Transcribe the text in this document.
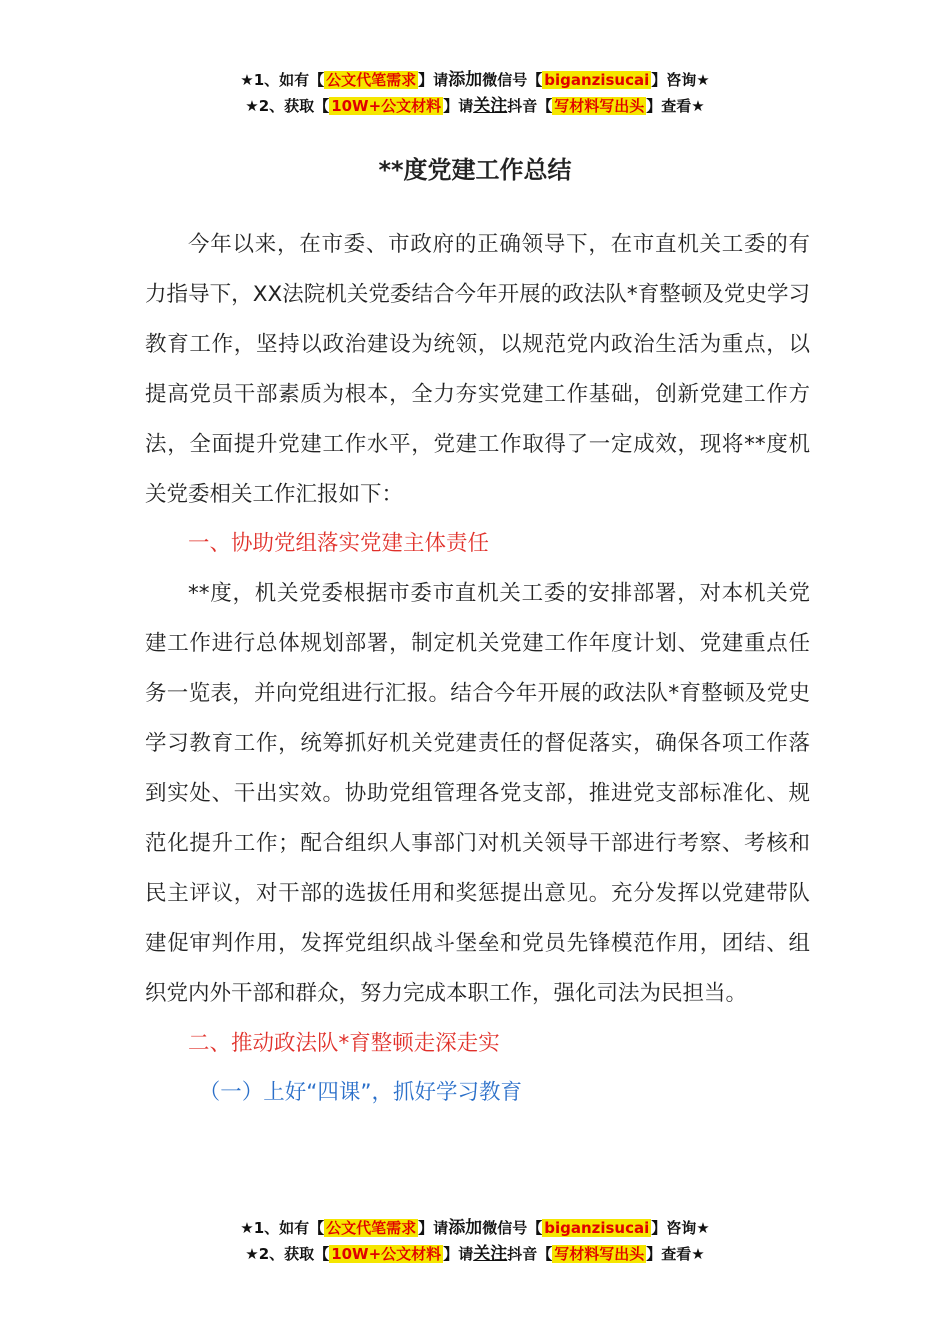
★1、如有【 公文代笔需求 】请添加微信号【 biganzisucai 】咨询★
★2、获取【 10W+公文材料 】请关注抖音【 写材料写出头 】查看★
**度党建工作总结

今年以来，在市委、市政府的正确领导下，在市直机关工委的有力指导下，XX法院机关党委结合今年开展的政法队*育整顿及党史学习教育工作，坚持以政治建设为统领，以规范党内政治生活为重点，以提高党员干部素质为根本，全力夯实党建工作基础，创新党建工作方法，全面提升党建工作水平，党建工作取得了一定成效，现将**度机关党委相关工作汇报如下：

一、协助党组落实党建主体责任

**度，机关党委根据市委市直机关工委的安排部署，对本机关党建工作进行总体规划部署，制定机关党建工作年度计划、党建重点任务一览表，并向党组进行汇报。结合今年开展的政法队*育整顿及党史学习教育工作，统筹抓好机关党建责任的督促落实，确保各项工作落到实处、干出实效。协助党组管理各党支部，推进党支部标准化、规范化提升工作；配合组织人事部门对机关领导干部进行考察、考核和民主评议，对干部的选拔任用和奖惩提出意见。充分发挥以党建带队建促审判作用，发挥党组织战斗堡垒和党员先锋模范作用，团结、组织党内外干部和群众，努力完成本职工作，强化司法为民担当。

二、推动政法队*育整顿走深走实

（一）上好“四课”，抓好学习教育

★1、如有【 公文代笔需求 】请添加微信号【 biganzisucai 】咨询★
★2、获取【 10W+公文材料 】请关注抖音【 写材料写出头 】查看★
